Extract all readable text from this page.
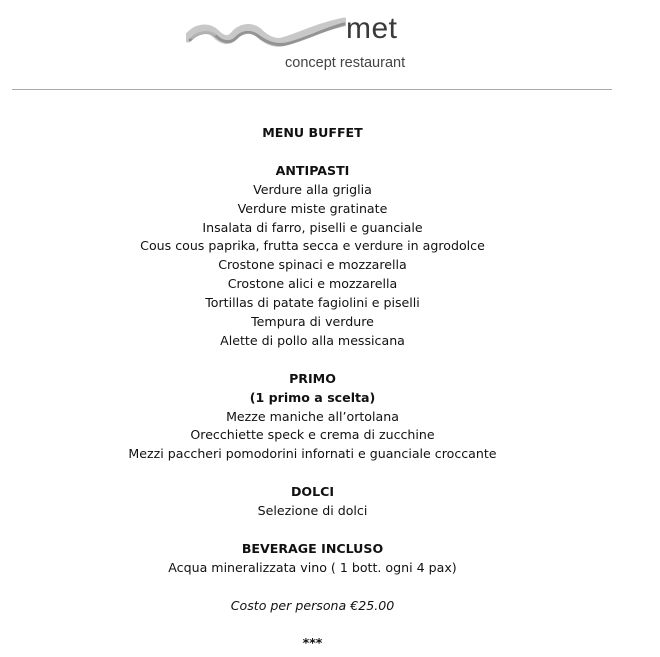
met
concept restaurant
MENU BUFFET
ANTIPASTI
Verdure alla griglia
Verdure miste gratinate
Insalata di farro, piselli e guanciale
Cous cous paprika, frutta secca e verdure in agrodolce
Crostone spinaci e mozzarella
Crostone alici e mozzarella
Tortillas di patate fagiolini e piselli
Tempura di verdure
Alette di pollo alla messicana
PRIMO
(1 primo a scelta)
Mezze maniche all’ortolana
Orecchiette speck e crema di zucchine
Mezzi paccheri pomodorini infornati e guanciale croccante
DOLCI
Selezione di dolci
BEVERAGE INCLUSO
Acqua mineralizzata vino ( 1 bott. ogni 4 pax)
Costo per persona €25.00
***
